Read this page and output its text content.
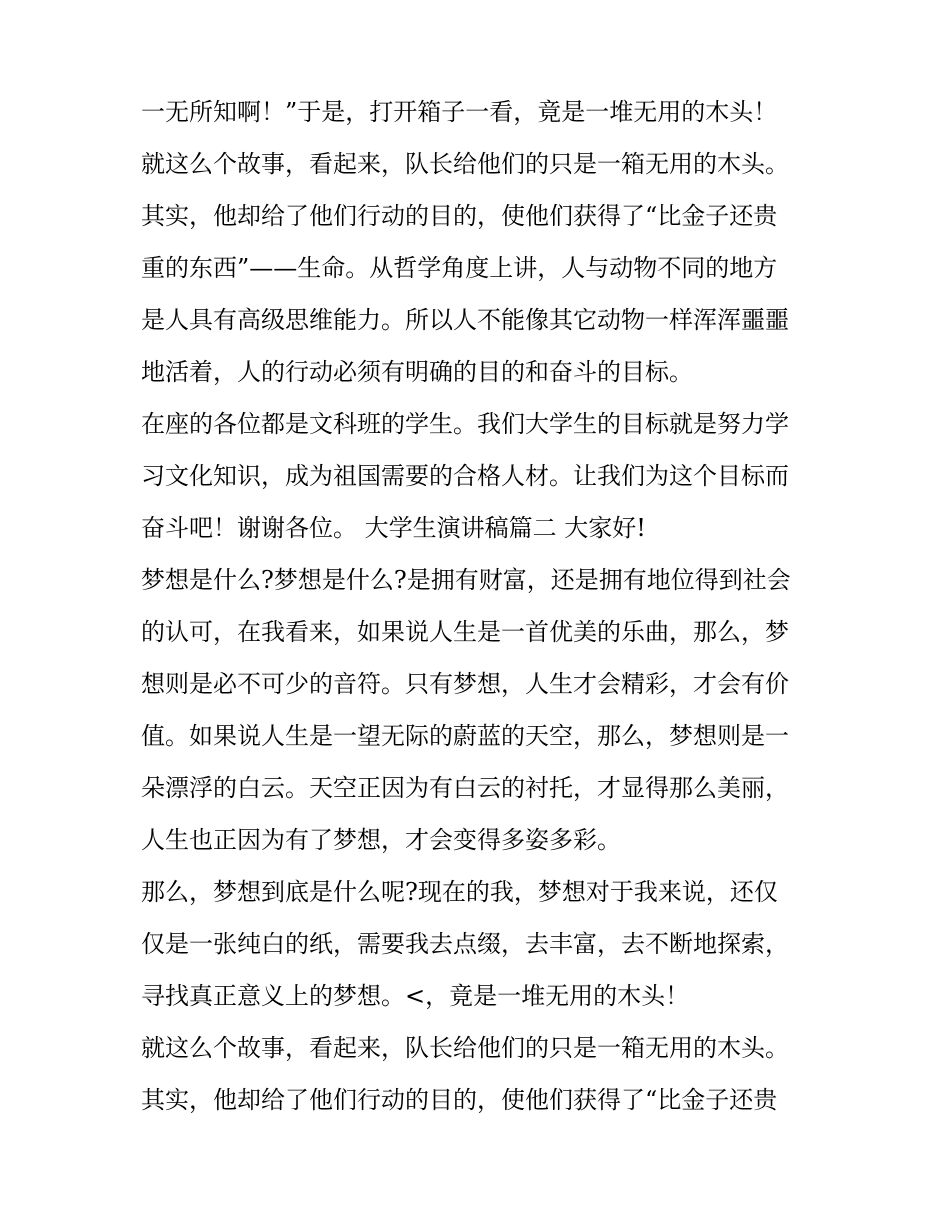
一无所知啊！”于是，打开箱子一看，竟是一堆无用的木头！
就这么个故事，看起来，队长给他们的只是一箱无用的木头。
其实，他却给了他们行动的目的，使他们获得了“比金子还贵
重的东西”——生命。从哲学角度上讲，人与动物不同的地方
是人具有高级思维能力。所以人不能像其它动物一样浑浑噩噩
地活着，人的行动必须有明确的目的和奋斗的目标。
在座的各位都是文科班的学生。我们大学生的目标就是努力学
习文化知识，成为祖国需要的合格人材。让我们为这个目标而
奋斗吧！谢谢各位。 大学生演讲稿篇二 大家好!
梦想是什么?梦想是什么?是拥有财富，还是拥有地位得到社会
的认可，在我看来，如果说人生是一首优美的乐曲，那么，梦
想则是必不可少的音符。只有梦想，人生才会精彩，才会有价
值。如果说人生是一望无际的蔚蓝的天空，那么，梦想则是一
朵漂浮的白云。天空正因为有白云的衬托，才显得那么美丽，
人生也正因为有了梦想，才会变得多姿多彩。
那么，梦想到底是什么呢?现在的我，梦想对于我来说，还仅
仅是一张纯白的纸，需要我去点缀，去丰富，去不断地探索，
寻找真正意义上的梦想。<，竟是一堆无用的木头！
就这么个故事，看起来，队长给他们的只是一箱无用的木头。
其实，他却给了他们行动的目的，使他们获得了“比金子还贵
